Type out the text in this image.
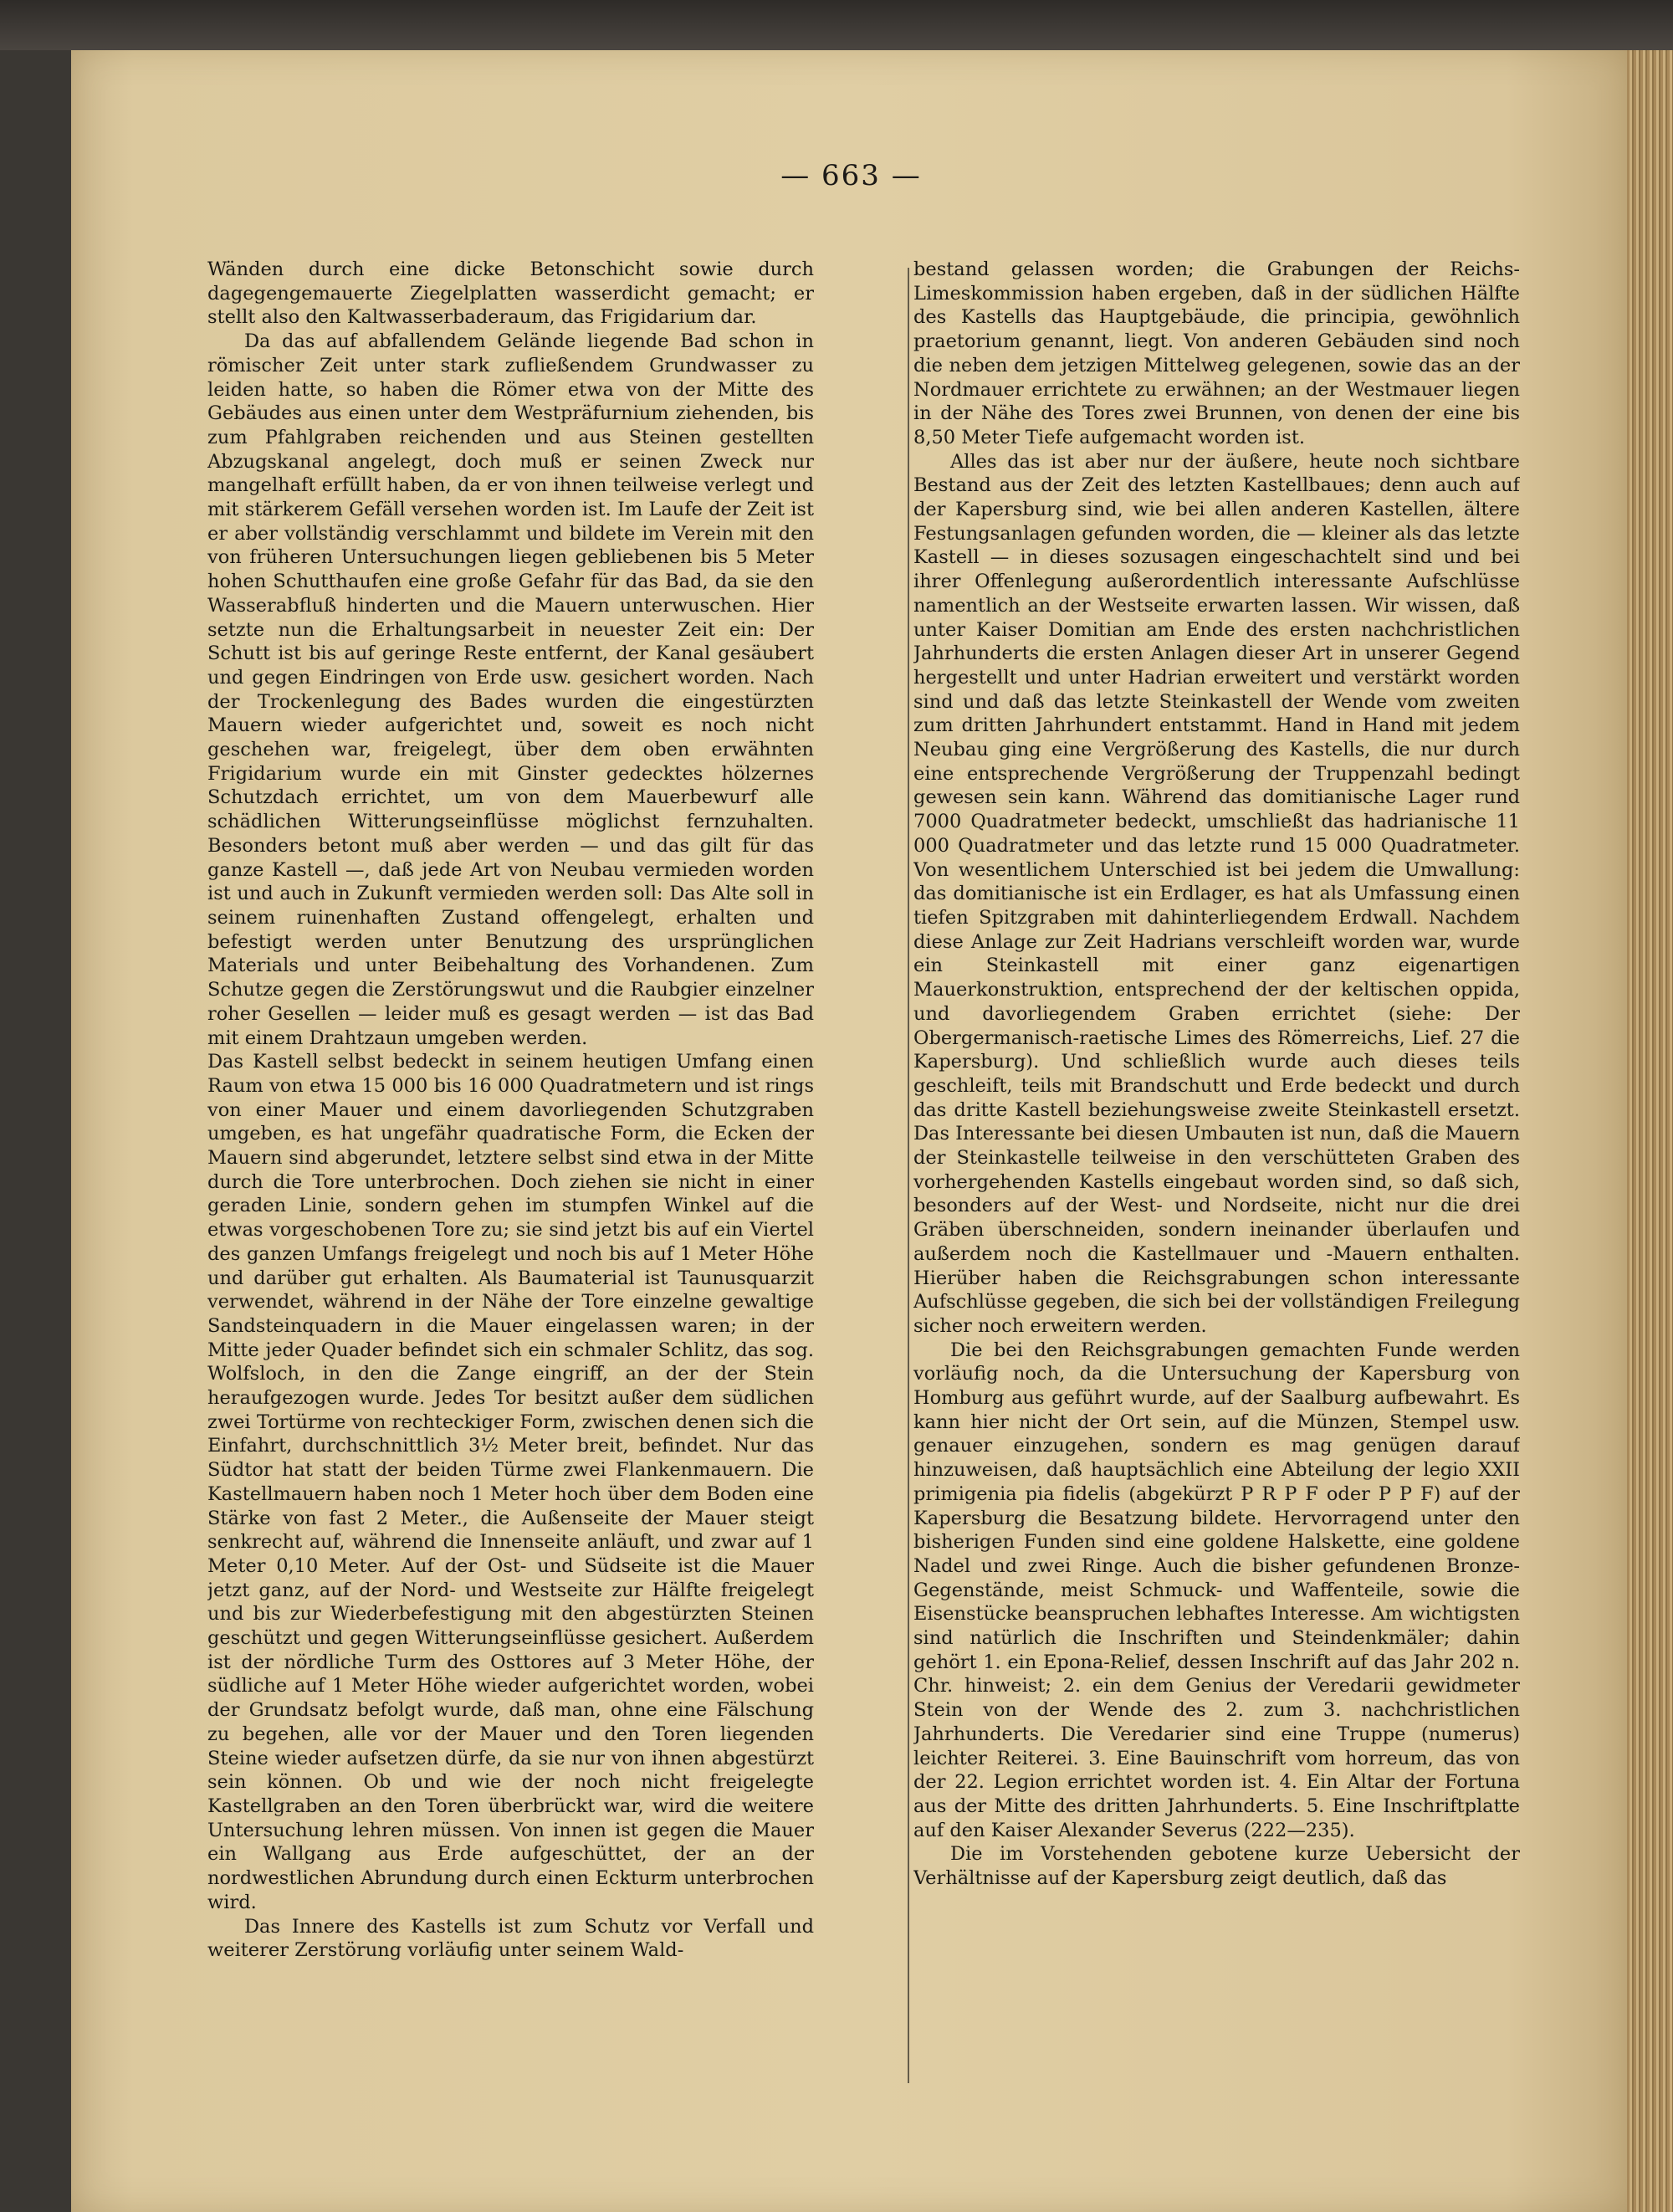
— 663 —

Wänden durch eine dicke Betonschicht sowie durch dagegengemauerte Ziegelplatten wasserdicht gemacht; er stellt also den Kaltwasserbaderaum, das Frigidarium dar.

Da das auf abfallendem Gelände liegende Bad schon in römischer Zeit unter stark zufließendem Grundwasser zu leiden hatte, so haben die Römer etwa von der Mitte des Gebäudes aus einen unter dem Westpräfurnium ziehenden, bis zum Pfahlgraben reichenden und aus Steinen gestellten Abzugskanal angelegt, doch muß er seinen Zweck nur mangelhaft erfüllt haben, da er von ihnen teilweise verlegt und mit stärkerem Gefäll versehen worden ist. Im Laufe der Zeit ist er aber vollständig verschlammt und bildete im Verein mit den von früheren Untersuchungen liegen gebliebenen bis 5 Meter hohen Schutthaufen eine große Gefahr für das Bad, da sie den Wasserabfluß hinderten und die Mauern unterwuschen. Hier setzte nun die Erhaltungsarbeit in neuester Zeit ein: Der Schutt ist bis auf geringe Reste entfernt, der Kanal gesäubert und gegen Eindringen von Erde usw. gesichert worden. Nach der Trockenlegung des Bades wurden die eingestürzten Mauern wieder aufgerichtet und, soweit es noch nicht geschehen war, freigelegt, über dem oben erwähnten Frigidarium wurde ein mit Ginster gedecktes hölzernes Schutzdach errichtet, um von dem Mauerbewurf alle schädlichen Witterungseinflüsse möglichst fernzuhalten. Besonders betont muß aber werden — und das gilt für das ganze Kastell —, daß jede Art von Neubau vermieden worden ist und auch in Zukunft vermieden werden soll: Das Alte soll in seinem ruinenhaften Zustand offengelegt, erhalten und befestigt werden unter Benutzung des ursprünglichen Materials und unter Beibehaltung des Vorhandenen. Zum Schutze gegen die Zerstörungswut und die Raubgier einzelner roher Gesellen — leider muß es gesagt werden — ist das Bad mit einem Drahtzaun umgeben werden.

Das Kastell selbst bedeckt in seinem heutigen Umfang einen Raum von etwa 15 000 bis 16 000 Quadratmetern und ist rings von einer Mauer und einem davorliegenden Schutzgraben umgeben, es hat ungefähr quadratische Form, die Ecken der Mauern sind abgerundet, letztere selbst sind etwa in der Mitte durch die Tore unterbrochen. Doch ziehen sie nicht in einer geraden Linie, sondern gehen im stumpfen Winkel auf die etwas vorgeschobenen Tore zu; sie sind jetzt bis auf ein Viertel des ganzen Umfangs freigelegt und noch bis auf 1 Meter Höhe und darüber gut erhalten. Als Baumaterial ist Taunusquarzit verwendet, während in der Nähe der Tore einzelne gewaltige Sandsteinquadern in die Mauer eingelassen waren; in der Mitte jeder Quader befindet sich ein schmaler Schlitz, das sog. Wolfsloch, in den die Zange eingriff, an der der Stein heraufgezogen wurde. Jedes Tor besitzt außer dem südlichen zwei Tortürme von rechteckiger Form, zwischen denen sich die Einfahrt, durchschnittlich 3½ Meter breit, befindet. Nur das Südtor hat statt der beiden Türme zwei Flankenmauern. Die Kastellmauern haben noch 1 Meter hoch über dem Boden eine Stärke von fast 2 Meter., die Außenseite der Mauer steigt senkrecht auf, während die Innenseite anläuft, und zwar auf 1 Meter 0,10 Meter. Auf der Ost- und Südseite ist die Mauer jetzt ganz, auf der Nord- und Westseite zur Hälfte freigelegt und bis zur Wiederbefestigung mit den abgestürzten Steinen geschützt und gegen Witterungseinflüsse gesichert. Außerdem ist der nördliche Turm des Osttores auf 3 Meter Höhe, der südliche auf 1 Meter Höhe wieder aufgerichtet worden, wobei der Grundsatz befolgt wurde, daß man, ohne eine Fälschung zu begehen, alle vor der Mauer und den Toren liegenden Steine wieder aufsetzen dürfe, da sie nur von ihnen abgestürzt sein können. Ob und wie der noch nicht freigelegte Kastellgraben an den Toren überbrückt war, wird die weitere Untersuchung lehren müssen. Von innen ist gegen die Mauer ein Wallgang aus Erde aufgeschüttet, der an der nordwestlichen Abrundung durch einen Eckturm unterbrochen wird.

Das Innere des Kastells ist zum Schutz vor Verfall und weiterer Zerstörung vorläufig unter seinem Wald-

bestand gelassen worden; die Grabungen der Reichs-Limeskommission haben ergeben, daß in der südlichen Hälfte des Kastells das Hauptgebäude, die principia, gewöhnlich praetorium genannt, liegt. Von anderen Gebäuden sind noch die neben dem jetzigen Mittelweg gelegenen, sowie das an der Nordmauer errichtete zu erwähnen; an der Westmauer liegen in der Nähe des Tores zwei Brunnen, von denen der eine bis 8,50 Meter Tiefe aufgemacht worden ist.

Alles das ist aber nur der äußere, heute noch sichtbare Bestand aus der Zeit des letzten Kastellbaues; denn auch auf der Kapersburg sind, wie bei allen anderen Kastellen, ältere Festungsanlagen gefunden worden, die — kleiner als das letzte Kastell — in dieses sozusagen eingeschachtelt sind und bei ihrer Offenlegung außerordentlich interessante Aufschlüsse namentlich an der Westseite erwarten lassen. Wir wissen, daß unter Kaiser Domitian am Ende des ersten nachchristlichen Jahrhunderts die ersten Anlagen dieser Art in unserer Gegend hergestellt und unter Hadrian erweitert und verstärkt worden sind und daß das letzte Steinkastell der Wende vom zweiten zum dritten Jahrhundert entstammt. Hand in Hand mit jedem Neubau ging eine Vergrößerung des Kastells, die nur durch eine entsprechende Vergrößerung der Truppenzahl bedingt gewesen sein kann. Während das domitianische Lager rund 7000 Quadratmeter bedeckt, umschließt das hadrianische 11 000 Quadratmeter und das letzte rund 15 000 Quadratmeter. Von wesentlichem Unterschied ist bei jedem die Umwallung: das domitianische ist ein Erdlager, es hat als Umfassung einen tiefen Spitzgraben mit dahinterliegendem Erdwall. Nachdem diese Anlage zur Zeit Hadrians verschleift worden war, wurde ein Steinkastell mit einer ganz eigenartigen Mauerkonstruktion, entsprechend der der keltischen oppida, und davorliegendem Graben errichtet (siehe: Der Obergermanisch-raetische Limes des Römerreichs, Lief. 27 die Kapersburg). Und schließlich wurde auch dieses teils geschleift, teils mit Brandschutt und Erde bedeckt und durch das dritte Kastell beziehungsweise zweite Steinkastell ersetzt. Das Interessante bei diesen Umbauten ist nun, daß die Mauern der Steinkastelle teilweise in den verschütteten Graben des vorhergehenden Kastells eingebaut worden sind, so daß sich, besonders auf der West- und Nordseite, nicht nur die drei Gräben überschneiden, sondern ineinander überlaufen und außerdem noch die Kastellmauer und -Mauern enthalten. Hierüber haben die Reichsgrabungen schon interessante Aufschlüsse gegeben, die sich bei der vollständigen Freilegung sicher noch erweitern werden.

Die bei den Reichsgrabungen gemachten Funde werden vorläufig noch, da die Untersuchung der Kapersburg von Homburg aus geführt wurde, auf der Saalburg aufbewahrt. Es kann hier nicht der Ort sein, auf die Münzen, Stempel usw. genauer einzugehen, sondern es mag genügen darauf hinzuweisen, daß hauptsächlich eine Abteilung der legio XXII primigenia pia fidelis (abgekürzt P R P F oder P P F) auf der Kapersburg die Besatzung bildete. Hervorragend unter den bisherigen Funden sind eine goldene Halskette, eine goldene Nadel und zwei Ringe. Auch die bisher gefundenen Bronze-Gegenstände, meist Schmuck- und Waffenteile, sowie die Eisenstücke beanspruchen lebhaftes Interesse. Am wichtigsten sind natürlich die Inschriften und Steindenkmäler; dahin gehört 1. ein Epona-Relief, dessen Inschrift auf das Jahr 202 n. Chr. hinweist; 2. ein dem Genius der Veredarii gewidmeter Stein von der Wende des 2. zum 3. nachchristlichen Jahrhunderts. Die Veredarier sind eine Truppe (numerus) leichter Reiterei. 3. Eine Bauinschrift vom horreum, das von der 22. Legion errichtet worden ist. 4. Ein Altar der Fortuna aus der Mitte des dritten Jahrhunderts. 5. Eine Inschriftplatte auf den Kaiser Alexander Severus (222—235).

Die im Vorstehenden gebotene kurze Uebersicht der Verhältnisse auf der Kapersburg zeigt deutlich, daß das
